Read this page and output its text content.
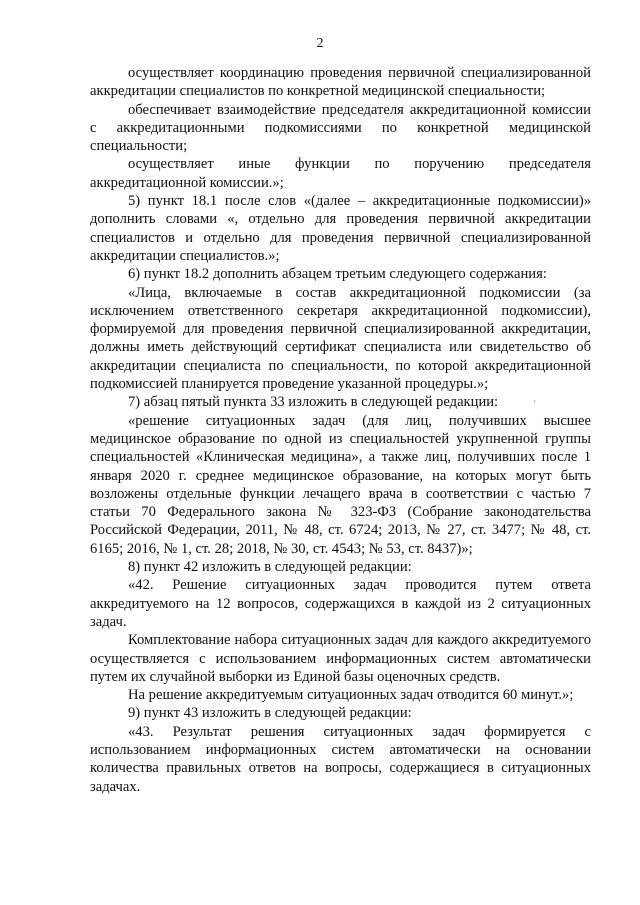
2

осуществляет координацию проведения первичной специализированной аккредитации специалистов по конкретной медицинской специальности;

обеспечивает взаимодействие председателя аккредитационной комиссии с аккредитационными подкомиссиями по конкретной медицинской специальности;

осуществляет иные функции по поручению председателя аккредитационной комиссии.»;

5) пункт 18.1 после слов «(далее – аккредитационные подкомиссии)» дополнить словами «, отдельно для проведения первичной аккредитации специалистов и отдельно для проведения первичной специализированной аккредитации специалистов.»;

6) пункт 18.2 дополнить абзацем третьим следующего содержания:

«Лица, включаемые в состав аккредитационной подкомиссии (за исключением ответственного секретаря аккредитационной подкомиссии), формируемой для проведения первичной специализированной аккредитации, должны иметь действующий сертификат специалиста или свидетельство об аккредитации специалиста по специальности, по которой аккредитационной подкомиссией планируется проведение указанной процедуры.»;

7) абзац пятый пункта 33 изложить в следующей редакции:

«решение ситуационных задач (для лиц, получивших высшее медицинское образование по одной из специальностей укрупненной группы специальностей «Клиническая медицина», а также лиц, получивших после 1 января 2020 г. среднее медицинское образование, на которых могут быть возложены отдельные функции лечащего врача в соответствии с частью 7 статьи 70 Федерального закона № 323-ФЗ (Собрание законодательства Российской Федерации, 2011, № 48, ст. 6724; 2013, № 27, ст. 3477; № 48, ст. 6165; 2016, № 1, ст. 28; 2018, № 30, ст. 4543; № 53, ст. 8437)»;

8) пункт 42 изложить в следующей редакции:

«42. Решение ситуационных задач проводится путем ответа аккредитуемого на 12 вопросов, содержащихся в каждой из 2 ситуационных задач.

Комплектование набора ситуационных задач для каждого аккредитуемого осуществляется с использованием информационных систем автоматически путем их случайной выборки из Единой базы оценочных средств.

На решение аккредитуемым ситуационных задач отводится 60 минут.»;

9) пункт 43 изложить в следующей редакции:

«43. Результат решения ситуационных задач формируется с использованием информационных систем автоматически на основании количества правильных ответов на вопросы, содержащиеся в ситуационных задачах.

'
